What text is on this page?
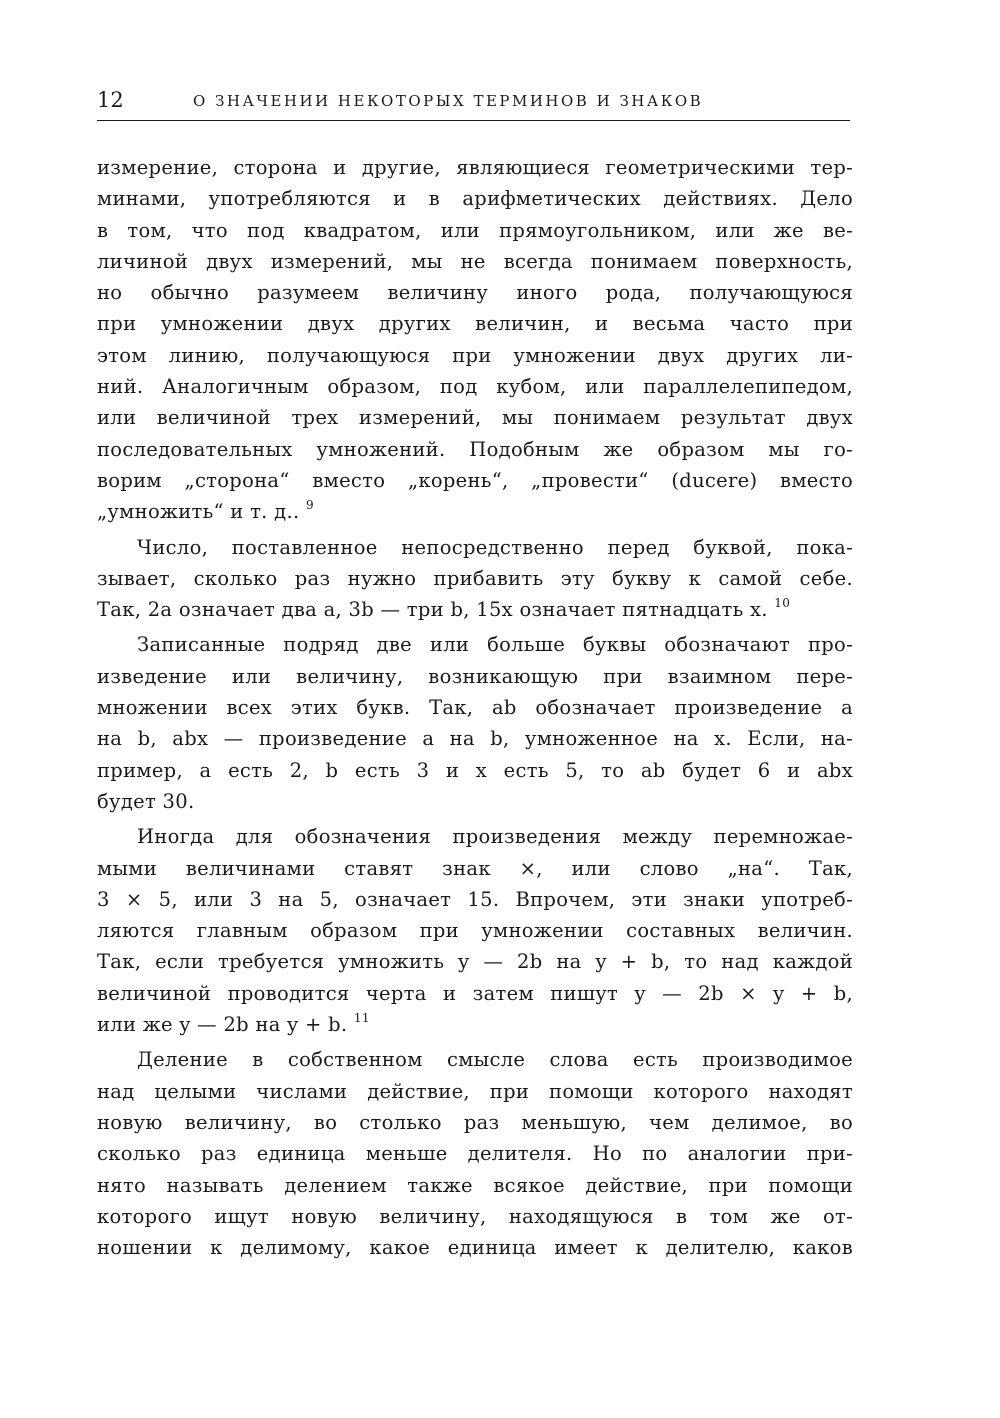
12	О ЗНАЧЕНИИ НЕКОТОРЫХ ТЕРМИНОВ И ЗНАКОВ
измерение, сторона и другие, являющиеся геометрическими тер-
минами, употребляются и в арифметических действиях. Дело
в том, что под квадратом, или прямоугольником, или же ве-
личиной двух измерений, мы не всегда понимаем поверхность,
но обычно разумеем величину иного рода, получающуюся
при умножении двух других величин, и весьма часто при
этом линию, получающуюся при умножении двух других ли-
ний. Аналогичным образом, под кубом, или параллелепипедом,
или величиной трех измерений, мы понимаем результат двух
последовательных умножений. Подобным же образом мы го-
ворим „сторона“ вместо „корень“, „провести“ (ducere) вместо
„умножить“ и т. д.. $^9$
Число, поставленное непосредственно перед буквой, пока-
зывает, сколько раз нужно прибавить эту букву к самой себе.
Так, 2a означает два a, 3b — три b, 15x означает пятнадцать x. $^{10}$
Записанные подряд две или больше буквы обозначают про-
изведение или величину, возникающую при взаимном пере-
множении всех этих букв. Так, ab обозначает произведение a
на b, abx — произведение a на b, умноженное на x. Если, на-
пример, a есть 2, b есть 3 и x есть 5, то ab будет 6 и abx
будет 30.
Иногда для обозначения произведения между перемножае-
мыми величинами ставят знак ×, или слово „на“. Так,
3 × 5, или 3 на 5, означает 15. Впрочем, эти знаки употреб-
ляются главным образом при умножении составных величин.
Так, если требуется умножить y — 2b на y + b, то над каждой
величиной проводится черта и затем пишут y — 2b × y + b,
или же y — 2b на y + b. $^{11}$
Деление в собственном смысле слова есть производимое
над целыми числами действие, при помощи которого находят
новую величину, во столько раз меньшую, чем делимое, во
сколько раз единица меньше делителя. Но по аналогии при-
нято называть делением также всякое действие, при помощи
которого ищут новую величину, находящуюся в том же от-
ношении к делимому, какое единица имеет к делителю, каков
